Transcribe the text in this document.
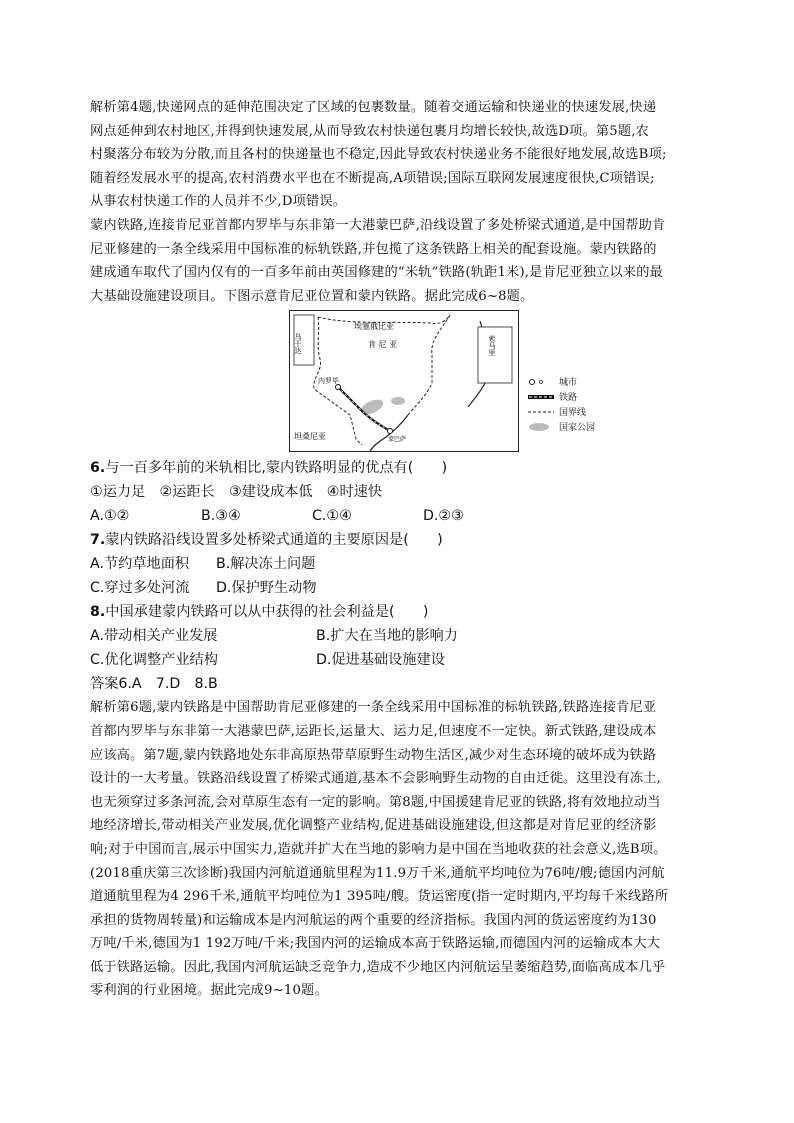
解析第4题,快递网点的延伸范围决定了区域的包裹数量。随着交通运输和快递业的快速发展,快递
网点延伸到农村地区,并得到快速发展,从而导致农村快递包裹月均增长较快,故选D项。第5题,农
村聚落分布较为分散,而且各村的快递量也不稳定,因此导致农村快递业务不能很好地发展,故选B项;
随着经发展水平的提高,农村消费水平也在不断提高,A项错误;国际互联网发展速度很快,C项错误;
从事农村快递工作的人员并不少,D项错误。
蒙内铁路,连接肯尼亚首都内罗毕与东非第一大港蒙巴萨,沿线设置了多处桥梁式通道,是中国帮助肯
尼亚修建的一条全线采用中国标准的标轨铁路,并包揽了这条铁路上相关的配套设施。蒙内铁路的
建成通车取代了国内仅有的一百多年前由英国修建的“米轨”铁路(轨距1米),是肯尼亚独立以来的最
大基础设施建设项目。下图示意肯尼亚位置和蒙内铁路。据此完成6~8题。
埃塞俄比亚
乌干达	索马里
肯 尼 亚
坦桑尼亚
内罗毕
蒙巴萨
城市
铁路
国界线
国家公园

6.与一百多年前的米轨相比,蒙内铁路明显的优点有(　　)

①运力足　②运距长　③建设成本低　④时速快

A.①②	B.③④	C.①④	D.②③

7.蒙内铁路沿线设置多处桥梁式通道的主要原因是(　　)

A.节约草地面积	B.解决冻土问题
C.穿过多处河流	D.保护野生动物

8.中国承建蒙内铁路可以从中获得的社会利益是(　　)

A.带动相关产业发展	B.扩大在当地的影响力
C.优化调整产业结构	D.促进基础设施建设

答案6.A　7.D　8.B

解析第6题,蒙内铁路是中国帮助肯尼亚修建的一条全线采用中国标准的标轨铁路,铁路连接肯尼亚
首都内罗毕与东非第一大港蒙巴萨,运距长,运量大、运力足,但速度不一定快。新式铁路,建设成本
应该高。第7题,蒙内铁路地处东非高原热带草原野生动物生活区,减少对生态环境的破坏成为铁路
设计的一大考量。铁路沿线设置了桥梁式通道,基本不会影响野生动物的自由迁徙。这里没有冻土,
也无须穿过多条河流,会对草原生态有一定的影响。第8题,中国援建肯尼亚的铁路,将有效地拉动当
地经济增长,带动相关产业发展,优化调整产业结构,促进基础设施建设,但这都是对肯尼亚的经济影
响;对于中国而言,展示中国实力,造就并扩大在当地的影响力是中国在当地收获的社会意义,选B项。
(2018重庆第三次诊断)我国内河航道通航里程为11.9万千米,通航平均吨位为76吨/艘;德国内河航
道通航里程为4 296千米,通航平均吨位为1 395吨/艘。货运密度(指一定时期内,平均每千米线路所
承担的货物周转量)和运输成本是内河航运的两个重要的经济指标。我国内河的货运密度约为130
万吨/千米,德国为1 192万吨/千米;我国内河的运输成本高于铁路运输,而德国内河的运输成本大大
低于铁路运输。因此,我国内河航运缺乏竞争力,造成不少地区内河航运呈萎缩趋势,面临高成本几乎
零利润的行业困境。据此完成9~10题。
